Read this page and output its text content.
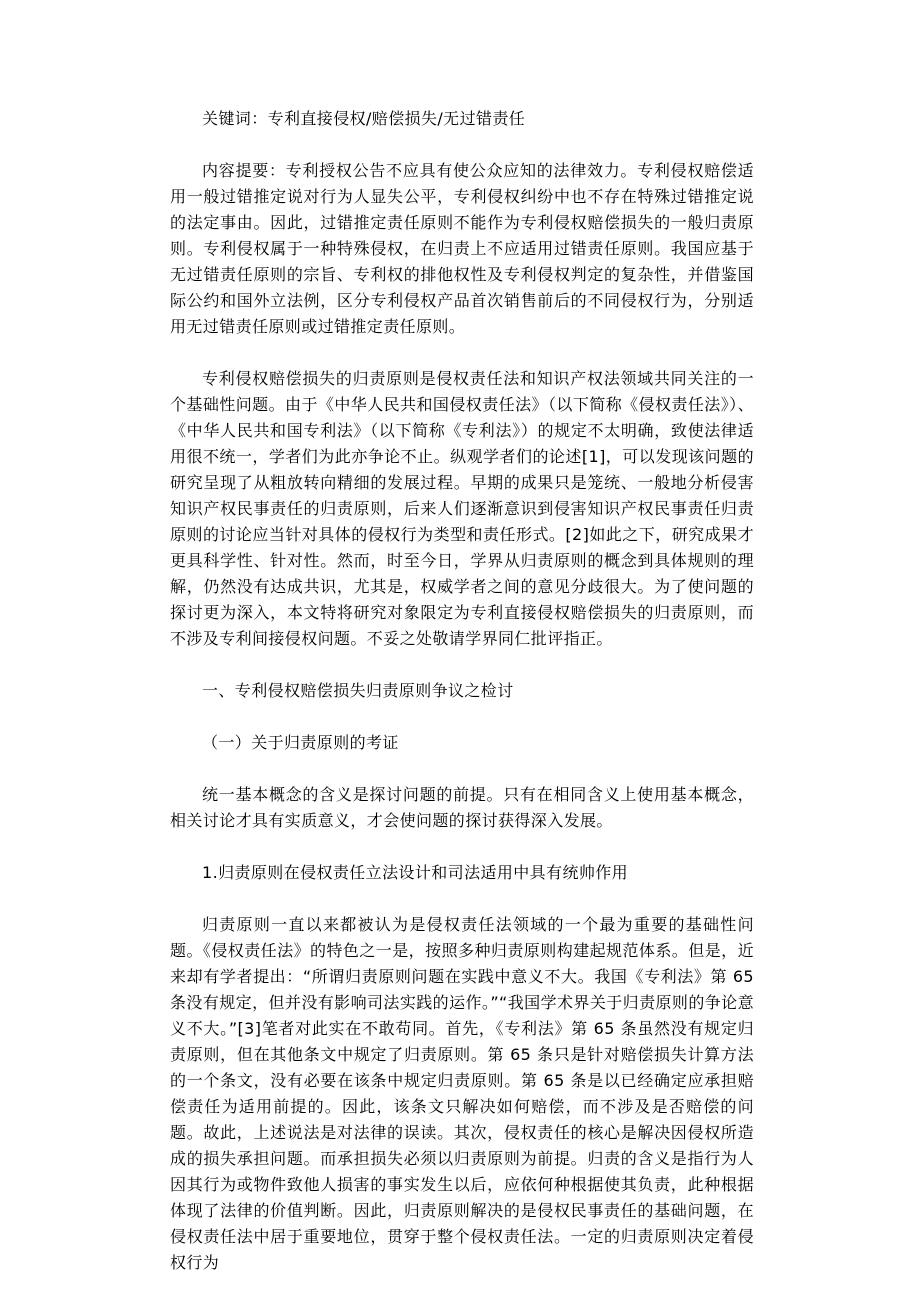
关键词：专利直接侵权/赔偿损失/无过错责任

内容提要：专利授权公告不应具有使公众应知的法律效力。专利侵权赔偿适用一般过错推定说对行为人显失公平，专利侵权纠纷中也不存在特殊过错推定说的法定事由。因此，过错推定责任原则不能作为专利侵权赔偿损失的一般归责原则。专利侵权属于一种特殊侵权，在归责上不应适用过错责任原则。我国应基于无过错责任原则的宗旨、专利权的排他权性及专利侵权判定的复杂性，并借鉴国际公约和国外立法例，区分专利侵权产品首次销售前后的不同侵权行为，分别适用无过错责任原则或过错推定责任原则。

专利侵权赔偿损失的归责原则是侵权责任法和知识产权法领域共同关注的一个基础性问题。由于《中华人民共和国侵权责任法》（以下简称《侵权责任法》）、《中华人民共和国专利法》（以下简称《专利法》）的规定不太明确，致使法律适用很不统一，学者们为此亦争论不止。纵观学者们的论述[1]，可以发现该问题的研究呈现了从粗放转向精细的发展过程。早期的成果只是笼统、一般地分析侵害知识产权民事责任的归责原则，后来人们逐渐意识到侵害知识产权民事责任归责原则的讨论应当针对具体的侵权行为类型和责任形式。[2]如此之下，研究成果才更具科学性、针对性。然而，时至今日，学界从归责原则的概念到具体规则的理解，仍然没有达成共识，尤其是，权威学者之间的意见分歧很大。为了使问题的探讨更为深入，本文特将研究对象限定为专利直接侵权赔偿损失的归责原则，而不涉及专利间接侵权问题。不妥之处敬请学界同仁批评指正。

一、专利侵权赔偿损失归责原则争议之检讨

（一）关于归责原则的考证

统一基本概念的含义是探讨问题的前提。只有在相同含义上使用基本概念，相关讨论才具有实质意义，才会使问题的探讨获得深入发展。

1.归责原则在侵权责任立法设计和司法适用中具有统帅作用

归责原则一直以来都被认为是侵权责任法领域的一个最为重要的基础性问题。《侵权责任法》的特色之一是，按照多种归责原则构建起规范体系。但是，近来却有学者提出：“所谓归责原则问题在实践中意义不大。我国《专利法》第 65 条没有规定，但并没有影响司法实践的运作。”“我国学术界关于归责原则的争论意义不大。”[3]笔者对此实在不敢苟同。首先，《专利法》第 65 条虽然没有规定归责原则，但在其他条文中规定了归责原则。第 65 条只是针对赔偿损失计算方法的一个条文，没有必要在该条中规定归责原则。第 65 条是以已经确定应承担赔偿责任为适用前提的。因此，该条文只解决如何赔偿，而不涉及是否赔偿的问题。故此，上述说法是对法律的误读。其次，侵权责任的核心是解决因侵权所造成的损失承担问题。而承担损失必须以归责原则为前提。归责的含义是指行为人因其行为或物件致他人损害的事实发生以后，应依何种根据使其负责，此种根据体现了法律的价值判断。因此，归责原则解决的是侵权民事责任的基础问题，在侵权责任法中居于重要地位，贯穿于整个侵权责任法。一定的归责原则决定着侵权行为
